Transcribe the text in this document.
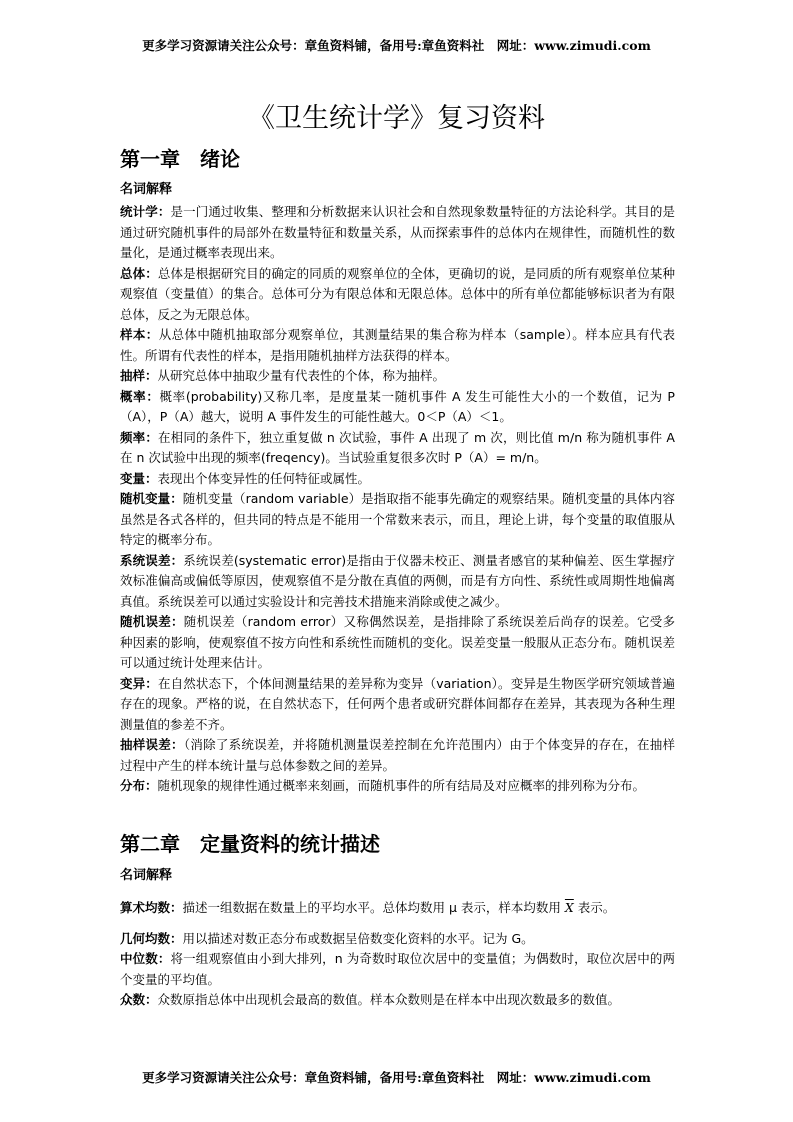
更多学习资源请关注公众号：章鱼资料铺，备用号:章鱼资料社　网址：www.zimudi.com
《卫生统计学》复习资料
第一章　绪论
名词解释

统计学：是一门通过收集、整理和分析数据来认识社会和自然现象数量特征的方法论科学。其目的是通过研究随机事件的局部外在数量特征和数量关系，从而探索事件的总体内在规律性，而随机性的数量化，是通过概率表现出来。

总体：总体是根据研究目的确定的同质的观察单位的全体，更确切的说，是同质的所有观察单位某种观察值（变量值）的集合。总体可分为有限总体和无限总体。总体中的所有单位都能够标识者为有限总体，反之为无限总体。

样本：从总体中随机抽取部分观察单位，其测量结果的集合称为样本（sample）。样本应具有代表性。所谓有代表性的样本，是指用随机抽样方法获得的样本。

抽样：从研究总体中抽取少量有代表性的个体，称为抽样。

概率：概率(probability)又称几率，是度量某一随机事件 A 发生可能性大小的一个数值，记为 P（A），P（A）越大，说明 A 事件发生的可能性越大。0＜P（A）＜1。

频率：在相同的条件下，独立重复做 n 次试验，事件 A 出现了 m 次，则比值 m/n 称为随机事件 A 在 n 次试验中出现的频率(freqency)。当试验重复很多次时 P（A）= m/n。

变量：表现出个体变异性的任何特征或属性。

随机变量：随机变量（random variable）是指取指不能事先确定的观察结果。随机变量的具体内容虽然是各式各样的，但共同的特点是不能用一个常数来表示，而且，理论上讲，每个变量的取值服从特定的概率分布。

系统误差：系统误差(systematic error)是指由于仪器未校正、测量者感官的某种偏差、医生掌握疗效标准偏高或偏低等原因，使观察值不是分散在真值的两侧，而是有方向性、系统性或周期性地偏离真值。系统误差可以通过实验设计和完善技术措施来消除或使之减少。

随机误差：随机误差（random error）又称偶然误差，是指排除了系统误差后尚存的误差。它受多种因素的影响，使观察值不按方向性和系统性而随机的变化。误差变量一般服从正态分布。随机误差可以通过统计处理来估计。

变异：在自然状态下，个体间测量结果的差异称为变异（variation）。变异是生物医学研究领域普遍存在的现象。严格的说，在自然状态下，任何两个患者或研究群体间都存在差异，其表现为各种生理测量值的参差不齐。

抽样误差：（消除了系统误差，并将随机测量误差控制在允许范围内）由于个体变异的存在，在抽样过程中产生的样本统计量与总体参数之间的差异。

分布：随机现象的规律性通过概率来刻画，而随机事件的所有结局及对应概率的排列称为分布。

第二章　定量资料的统计描述
名词解释

算术均数：描述一组数据在数量上的平均水平。总体均数用 μ 表示，样本均数用 $\overline{X}$ 表示。

几何均数：用以描述对数正态分布或数据呈倍数变化资料的水平。记为 G。

中位数：将一组观察值由小到大排列，n 为奇数时取位次居中的变量值；为偶数时，取位次居中的两个变量的平均值。

众数：众数原指总体中出现机会最高的数值。样本众数则是在样本中出现次数最多的数值。

更多学习资源请关注公众号：章鱼资料铺，备用号:章鱼资料社　网址：www.zimudi.com
